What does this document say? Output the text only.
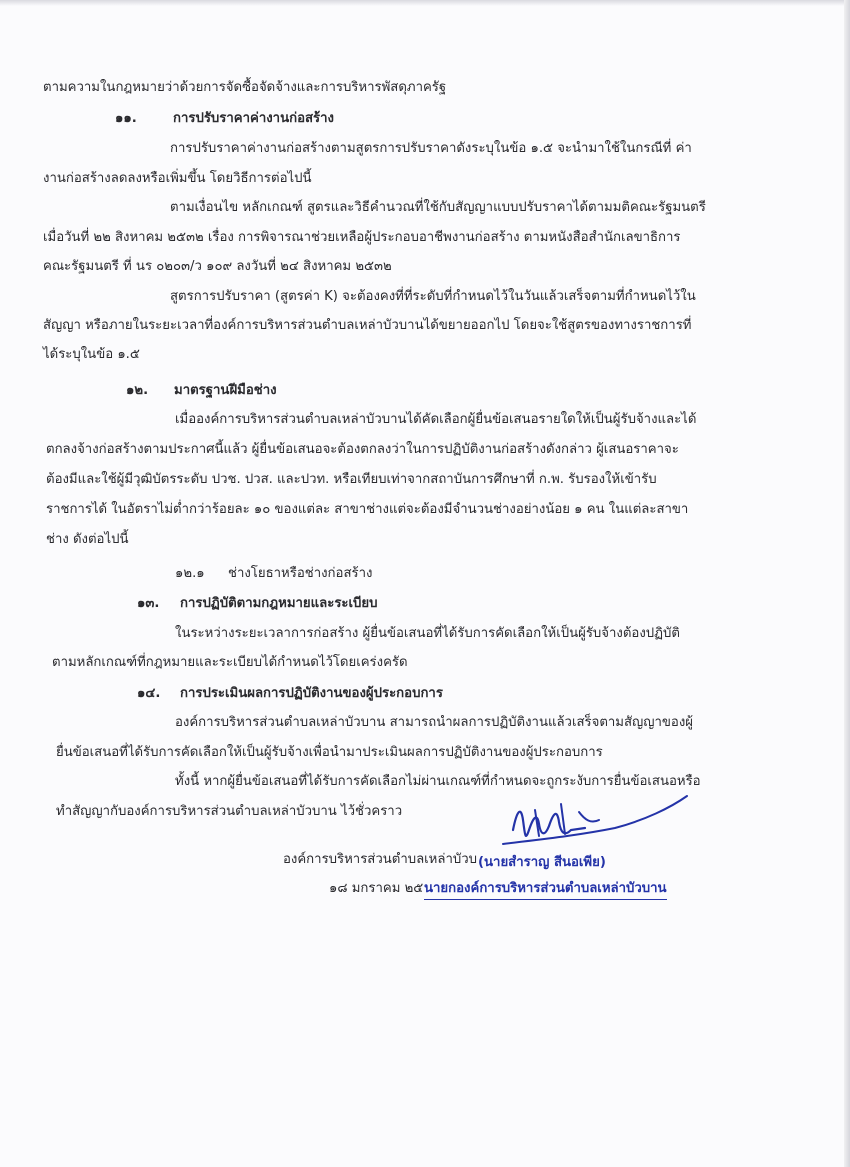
ตามความในกฎหมายว่าด้วยการจัดซื้อจัดจ้างและการบริหารพัสดุภาครัฐ
๑๑.	การปรับราคาค่างานก่อสร้าง
การปรับราคาค่างานก่อสร้างตามสูตรการปรับราคาดังระบุในข้อ ๑.๕ จะนำมาใช้ในกรณีที่ ค่า
งานก่อสร้างลดลงหรือเพิ่มขึ้น โดยวิธีการต่อไปนี้
ตามเงื่อนไข หลักเกณฑ์ สูตรและวิธีคำนวณที่ใช้กับสัญญาแบบปรับราคาได้ตามมติคณะรัฐมนตรี
เมื่อวันที่ ๒๒ สิงหาคม ๒๕๓๒ เรื่อง การพิจารณาช่วยเหลือผู้ประกอบอาชีพงานก่อสร้าง ตามหนังสือสำนักเลขาธิการ
คณะรัฐมนตรี ที่ นร ๐๒๐๓/ว ๑๐๙ ลงวันที่ ๒๔ สิงหาคม ๒๕๓๒
สูตรการปรับราคา (สูตรค่า K) จะต้องคงที่ที่ระดับที่กำหนดไว้ในวันแล้วเสร็จตามที่กำหนดไว้ใน
สัญญา หรือภายในระยะเวลาที่องค์การบริหารส่วนตำบลเหล่าบัวบานได้ขยายออกไป โดยจะใช้สูตรของทางราชการที่
ได้ระบุในข้อ ๑.๕
๑๒. มาตรฐานฝีมือช่าง
เมื่อองค์การบริหารส่วนตำบลเหล่าบัวบานได้คัดเลือกผู้ยื่นข้อเสนอรายใดให้เป็นผู้รับจ้างและได้
ตกลงจ้างก่อสร้างตามประกาศนี้แล้ว ผู้ยื่นข้อเสนอจะต้องตกลงว่าในการปฏิบัติงานก่อสร้างดังกล่าว ผู้เสนอราคาจะ
ต้องมีและใช้ผู้มีวุฒิบัตรระดับ ปวช. ปวส. และปวท. หรือเทียบเท่าจากสถาบันการศึกษาที่ ก.พ. รับรองให้เข้ารับ
ราชการได้ ในอัตราไม่ต่ำกว่าร้อยละ ๑๐ ของแต่ละ สาขาช่างแต่จะต้องมีจำนวนช่างอย่างน้อย ๑ คน ในแต่ละสาขา
ช่าง ดังต่อไปนี้
๑๒.๑ ช่างโยธาหรือช่างก่อสร้าง
๑๓. การปฏิบัติตามกฎหมายและระเบียบ
ในระหว่างระยะเวลาการก่อสร้าง ผู้ยื่นข้อเสนอที่ได้รับการคัดเลือกให้เป็นผู้รับจ้างต้องปฏิบัติ
ตามหลักเกณฑ์ที่กฎหมายและระเบียบได้กำหนดไว้โดยเคร่งครัด
๑๔. การประเมินผลการปฏิบัติงานของผู้ประกอบการ
องค์การบริหารส่วนตำบลเหล่าบัวบาน สามารถนำผลการปฏิบัติงานแล้วเสร็จตามสัญญาของผู้
ยื่นข้อเสนอที่ได้รับการคัดเลือกให้เป็นผู้รับจ้างเพื่อนำมาประเมินผลการปฏิบัติงานของผู้ประกอบการ
ทั้งนี้ หากผู้ยื่นข้อเสนอที่ได้รับการคัดเลือกไม่ผ่านเกณฑ์ที่กำหนดจะถูกระงับการยื่นข้อเสนอหรือ
ทำสัญญากับองค์การบริหารส่วนตำบลเหล่าบัวบาน ไว้ชั่วคราว
องค์การบริหารส่วนตำบลเหล่าบัวบ (นายสำราญ สีนอเพีย)
๑๘ มกราคม ๒๕ นายกองค์การบริหารส่วนตำบลเหล่าบัวบาน
